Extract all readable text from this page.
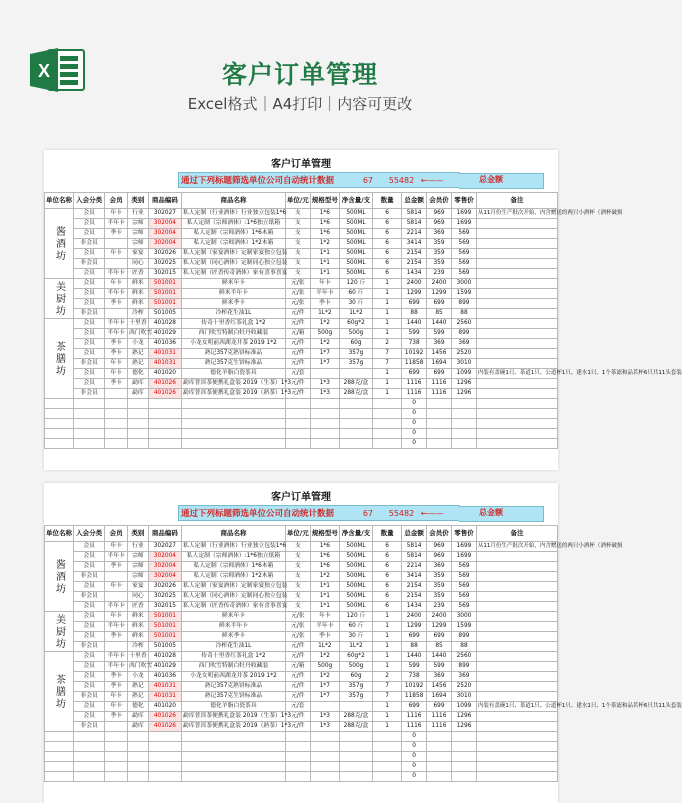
X	客户订单管理
Excel格式｜A4打印｜内容可更改
客户订单管理
通过下列标题筛选单位公司自动统计数据	67	55482 ←——	总金额
单位名称	入会分类	会员	类别	商品编码	商品名称	单位/元	规格型号	净含量/支	数量	总金额	会员价	零售价	备注
酱酒坊	会员	年卡	行业	302027	私人定制（行业酒体）行业独立包装1*6	支	1*6	500ML	6	5814	969	1699	从11月份生产批次开始，内含赠送的两只小酒杯（酒杯破损
	会员	半年卡	宗师	302004	私人定制（宗师酒体）:1*6独立纸箱	支	1*6	500ML	6	5814	969	1699	
	会员	季卡	宗师	302004	私人定制（宗师酒体）1*6木箱	支	1*6	500ML	6	2214	369	569	
	非会员		宗师	302004	私人定制（宗师酒体）1*2木箱	支	1*2	500ML	6	3414	359	569	
	会员	年卡	家宴	302026	私人定制（家宴酒体）定制家宴独立包装	支	1*1	500ML	6	2154	359	569	
	非会员		同心	302025	私人定制（同心酒体）定制同心独立包装	支	1*1	500ML	6	2154	359	569	
	会员	半年卡	匠香	302015	私人定制（匠香传奇酒体）家有喜事喜宴	支	1*1	500ML	6	1434	239	569	
美厨坊	会员	年卡	鲜米	501001	鲜米年卡	元/张	年卡	120 斤	1	2400	2400	3000	
	会员	半年卡	鲜米	501001	鲜米半年卡	元/张	半年卡	60 斤	1	1299	1299	1599	
	会员	季卡	鲜米	501001	鲜米季卡	元/张	季卡	30 斤	1	699	699	899	
	非会员		冷榨	501005	冷榨花生油1L	元/件	1L*2	1L*2	1	88	85	88	
茶膳坊	会员	半年卡	十里香	401028	传奇十里香红茶礼盒 1*2	元/件	1*2	60g*2	1	1440	1440	2560	
	会员	半年卡	西门吹雪	401029	西门吹雪特制白牡丹收藏装	元/箱	500g	500g	1	599	599	899	
	会员	季卡	小龙	401036	小龙女明前西湖龙井茶 2019 1*2	元/件	1*2	60g	2	738	369	369	
	会员	季卡	熟记	401031	熟记357克熟饼标准品	元/件	1*7	357g	7	10192	1456	2520	
	非会员	年卡	熟记	401031	熟记357克生饼标准品	元/件	1*7	357g	7	11858	1694	3010	
	会员	年卡	德化	401020	德化羊脂白瓷茶具	元/套			1	699	699	1099	内装有盖碗1只、茶道1只、公道杯1只、建水1只、1个茶滤和品茗杯6只共11头套装
	会员	季卡	勐库	401026	勐库普洱茶便携礼盒装 2019（生茶）1*3	元/件	1*3	288克/盒	1	1116	1116	1296	
	非会员		勐库	401026	勐库普洱茶便携礼盒装 2019（熟茶）1*3	元/件	1*3	288克/盒	1	1116	1116	1296	
										0			
										0			
										0			
										0			
										0			
客户订单管理
通过下列标题筛选单位公司自动统计数据	67	55482 ←——	总金额
单位名称	入会分类	会员	类别	商品编码	商品名称	单位/元	规格型号	净含量/支	数量	总金额	会员价	零售价	备注
酱酒坊	会员	年卡	行业	302027	私人定制（行业酒体）行业独立包装1*6	支	1*6	500ML	6	5814	969	1699	从11月份生产批次开始，内含赠送的两只小酒杯（酒杯破损
	会员	半年卡	宗师	302004	私人定制（宗师酒体）:1*6独立纸箱	支	1*6	500ML	6	5814	969	1699	
	会员	季卡	宗师	302004	私人定制（宗师酒体）1*6木箱	支	1*6	500ML	6	2214	369	569	
	非会员		宗师	302004	私人定制（宗师酒体）1*2木箱	支	1*2	500ML	6	3414	359	569	
	会员	年卡	家宴	302026	私人定制（家宴酒体）定制家宴独立包装	支	1*1	500ML	6	2154	359	569	
	非会员		同心	302025	私人定制（同心酒体）定制同心独立包装	支	1*1	500ML	6	2154	359	569	
	会员	半年卡	匠香	302015	私人定制（匠香传奇酒体）家有喜事喜宴	支	1*1	500ML	6	1434	239	569	
美厨坊	会员	年卡	鲜米	501001	鲜米年卡	元/张	年卡	120 斤	1	2400	2400	3000	
	会员	半年卡	鲜米	501001	鲜米半年卡	元/张	半年卡	60 斤	1	1299	1299	1599	
	会员	季卡	鲜米	501001	鲜米季卡	元/张	季卡	30 斤	1	699	699	899	
	非会员		冷榨	501005	冷榨花生油1L	元/件	1L*2	1L*2	1	88	85	88	
茶膳坊	会员	半年卡	十里香	401028	传奇十里香红茶礼盒 1*2	元/件	1*2	60g*2	1	1440	1440	2560	
	会员	半年卡	西门吹雪	401029	西门吹雪特制白牡丹收藏装	元/箱	500g	500g	1	599	599	899	
	会员	季卡	小龙	401036	小龙女明前西湖龙井茶 2019 1*2	元/件	1*2	60g	2	738	369	369	
	会员	季卡	熟记	401031	熟记357克熟饼标准品	元/件	1*7	357g	7	10192	1456	2520	
	非会员	年卡	熟记	401031	熟记357克生饼标准品	元/件	1*7	357g	7	11858	1694	3010	
	会员	年卡	德化	401020	德化羊脂白瓷茶具	元/套			1	699	699	1099	内装有盖碗1只、茶道1只、公道杯1只、建水1只、1个茶滤和品茗杯6只共11头套装
	会员	季卡	勐库	401026	勐库普洱茶便携礼盒装 2019（生茶）1*3	元/件	1*3	288克/盒	1	1116	1116	1296	
	非会员		勐库	401026	勐库普洱茶便携礼盒装 2019（熟茶）1*3	元/件	1*3	288克/盒	1	1116	1116	1296	
										0			
										0			
										0			
										0			
										0			
